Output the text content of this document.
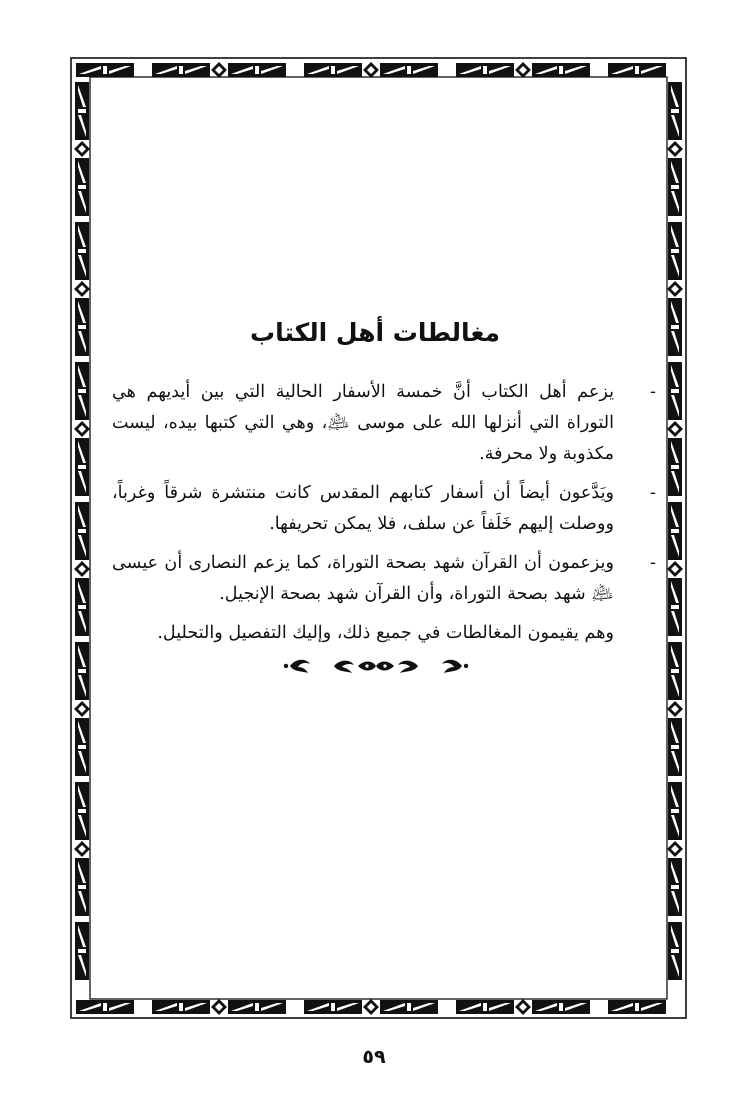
مغالطات أهل الكتاب
-
يزعم أهل الكتاب أنَّ خمسة الأسفار الحالية التي بين أيديهم هي التوراة التي أنزلها الله على موسى ﵇، وهي التي كتبها بيده، ليست مكذوبة ولا محرفة.
-
ويَدَّعون أيضاً أن أسفار كتابهم المقدس كانت منتشرة شرقاً وغرباً، ووصلت إليهم خَلَفاً عن سلف، فلا يمكن تحريفها.
-
ويزعمون أن القرآن شهد بصحة التوراة، كما يزعم النصارى أن عيسى ﵇ شهد بصحة التوراة، وأن القرآن شهد بصحة الإنجيل.
وهم يقيمون المغالطات في جميع ذلك، وإليك التفصيل والتحليل.
٥٩
